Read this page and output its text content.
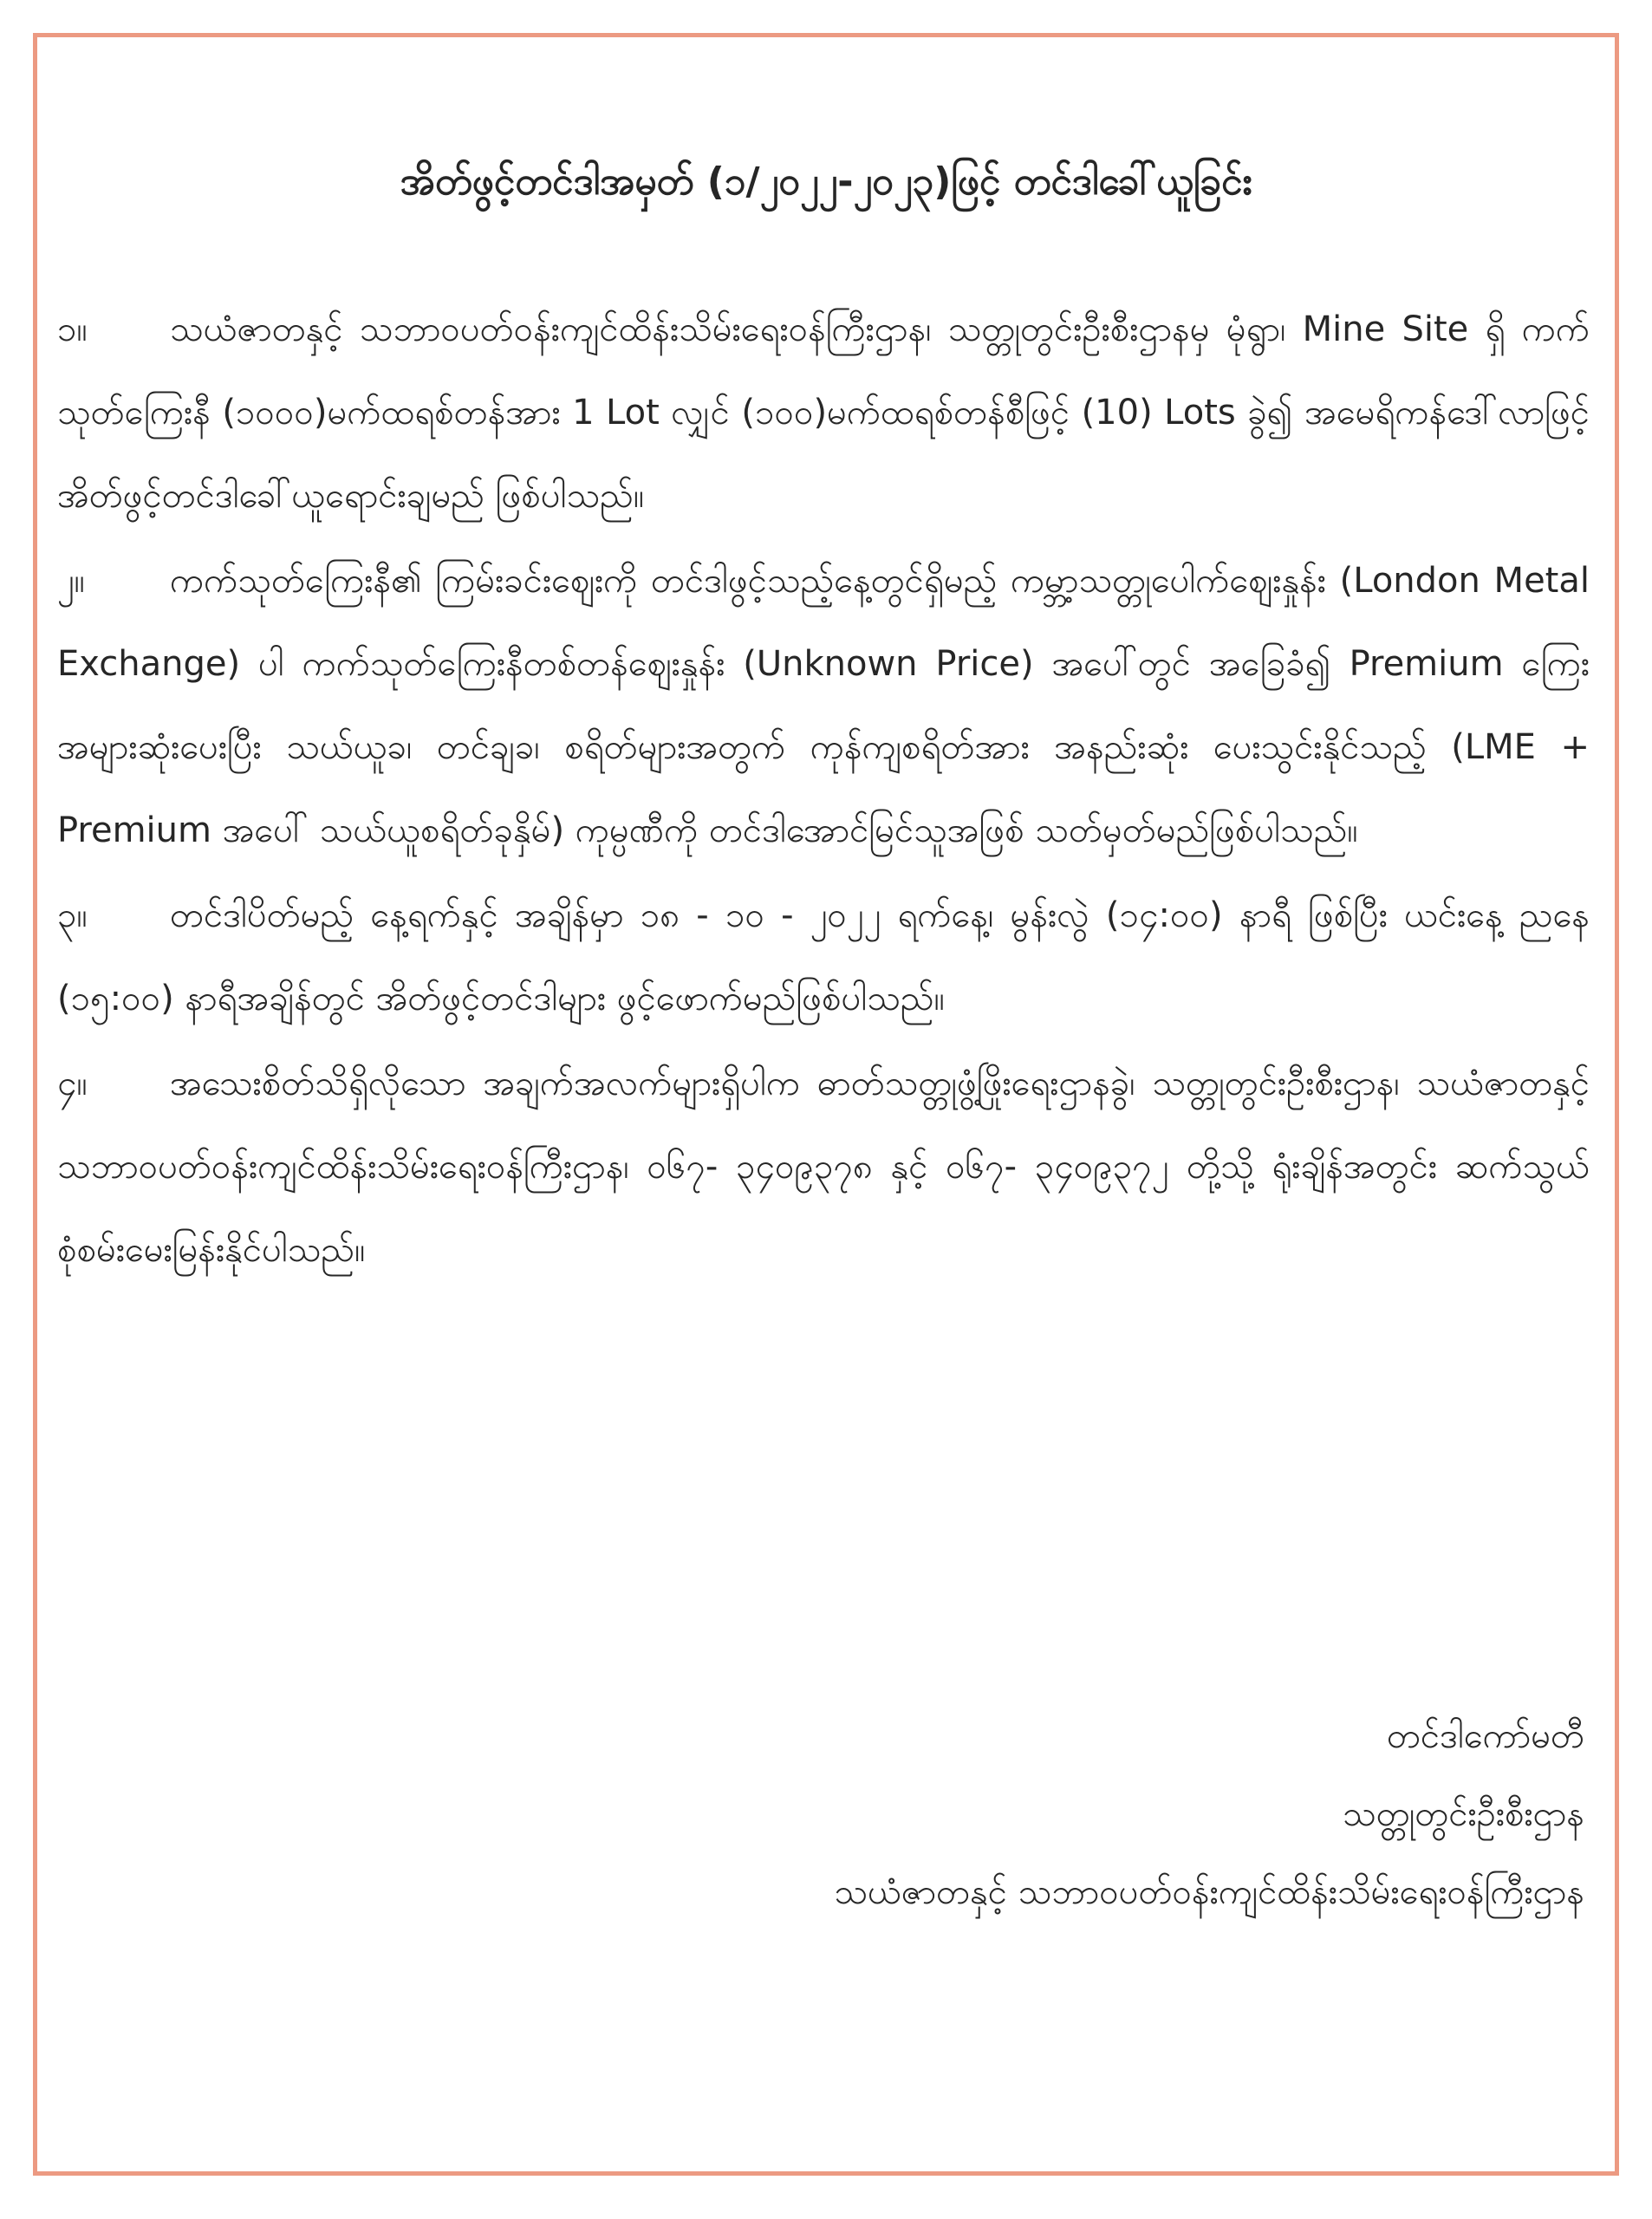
အိတ်ဖွင့်တင်ဒါအမှတ် (၁/၂၀၂၂-၂၀၂၃)ဖြင့် တင်ဒါခေါ်ယူခြင်း

၁။ သယံဇာတနှင့် သဘာဝပတ်ဝန်းကျင်ထိန်းသိမ်းရေးဝန်ကြီးဌာန၊ သတ္တုတွင်းဦးစီးဌာနမှ မုံရွာ၊ Mine Site ရှိ ကက်သုတ်ကြေးနီ (၁၀၀၀)မက်ထရစ်တန်အား 1 Lot လျှင် (၁၀၀)မက်ထရစ်တန်စီဖြင့် (10) Lots ခွဲ၍ အမေရိကန်ဒေါ်လာဖြင့် အိတ်ဖွင့်တင်ဒါခေါ်ယူရောင်းချမည် ဖြစ်ပါသည်။

၂။ ကက်သုတ်ကြေးနီ၏ ကြမ်းခင်းဈေးကို တင်ဒါဖွင့်သည့်နေ့တွင်ရှိမည့် ကမ္ဘာ့သတ္တုပေါက်ဈေးနှုန်း (London Metal Exchange) ပါ ကက်သုတ်ကြေးနီတစ်တန်ဈေးနှုန်း (Unknown Price) အပေါ်တွင် အခြေခံ၍ Premium ကြေးအများဆုံးပေးပြီး သယ်ယူခ၊ တင်ချခ၊ စရိတ်များအတွက် ကုန်ကျစရိတ်အား အနည်းဆုံး ပေးသွင်းနိုင်သည့် (LME + Premium အပေါ် သယ်ယူစရိတ်ခုနှိမ်) ကုမ္ပဏီကို တင်ဒါအောင်မြင်သူအဖြစ် သတ်မှတ်မည်ဖြစ်ပါသည်။

၃။ တင်ဒါပိတ်မည့် နေ့ရက်နှင့် အချိန်မှာ ၁၈ - ၁၀ - ၂၀၂၂ ရက်နေ့၊ မွန်းလွဲ (၁၄:၀၀) နာရီ ဖြစ်ပြီး ယင်းနေ့ ညနေ (၁၅:၀၀) နာရီအချိန်တွင် အိတ်ဖွင့်တင်ဒါများ ဖွင့်ဖောက်မည်ဖြစ်ပါသည်။

၄။ အသေးစိတ်သိရှိလိုသော အချက်အလက်များရှိပါက ဓာတ်သတ္တုဖွံ့ဖြိုးရေးဌာနခွဲ၊ သတ္တုတွင်းဦးစီးဌာန၊ သယံဇာတနှင့်သဘာဝပတ်ဝန်းကျင်ထိန်းသိမ်းရေးဝန်ကြီးဌာန၊ ၀၆၇- ၃၄၀၉၃၇၈ နှင့် ၀၆၇- ၃၄၀၉၃၇၂ တို့သို့ ရုံးချိန်အတွင်း ဆက်သွယ်စုံစမ်းမေးမြန်းနိုင်ပါသည်။

တင်ဒါကော်မတီ
သတ္တုတွင်းဦးစီးဌာန
သယံဇာတနှင့် သဘာဝပတ်ဝန်းကျင်ထိန်းသိမ်းရေးဝန်ကြီးဌာန
